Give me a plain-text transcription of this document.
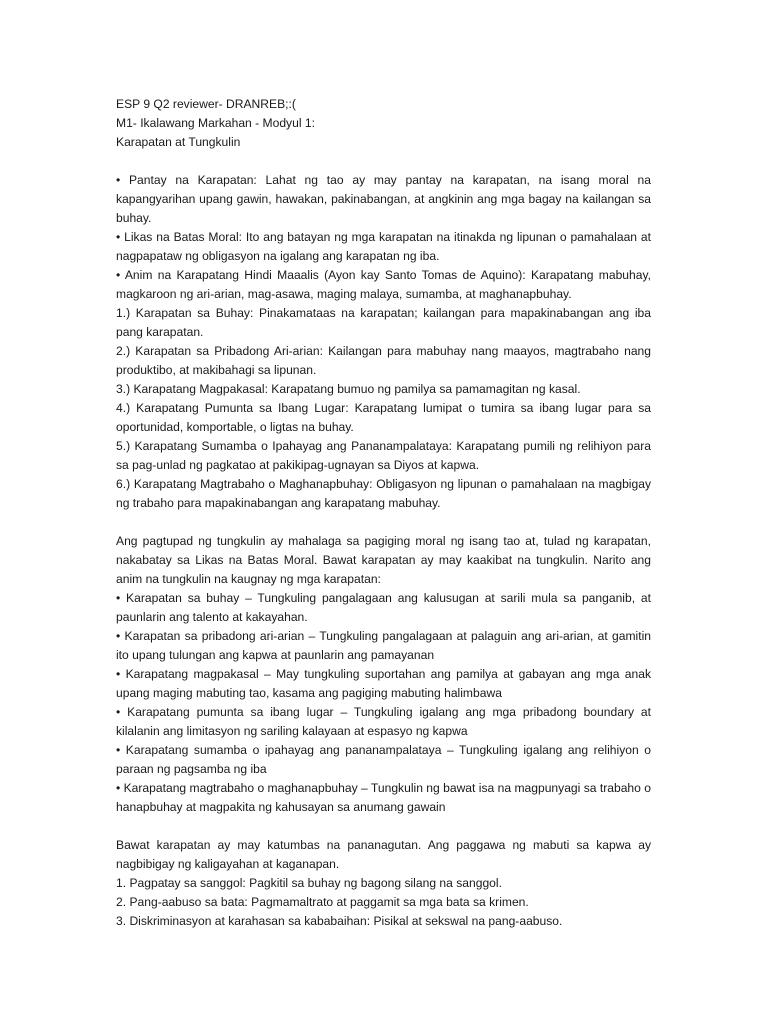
ESP 9 Q2 reviewer- DRANREB;:(

M1- Ikalawang Markahan - Modyul 1:

Karapatan at Tungkulin

• Pantay na Karapatan: Lahat ng tao ay may pantay na karapatan, na isang moral na kapangyarihan upang gawin, hawakan, pakinabangan, at angkinin ang mga bagay na kailangan sa buhay.

• Likas na Batas Moral: Ito ang batayan ng mga karapatan na itinakda ng lipunan o pamahalaan at nagpapataw ng obligasyon na igalang ang karapatan ng iba.

• Anim na Karapatang Hindi Maaalis (Ayon kay Santo Tomas de Aquino): Karapatang mabuhay, magkaroon ng ari-arian, mag-asawa, maging malaya, sumamba, at maghanapbuhay.

1.) Karapatan sa Buhay: Pinakamataas na karapatan; kailangan para mapakinabangan ang iba pang karapatan.

2.) Karapatan sa Pribadong Ari-arian: Kailangan para mabuhay nang maayos, magtrabaho nang produktibo, at makibahagi sa lipunan.

3.) Karapatang Magpakasal: Karapatang bumuo ng pamilya sa pamamagitan ng kasal.

4.) Karapatang Pumunta sa Ibang Lugar: Karapatang lumipat o tumira sa ibang lugar para sa oportunidad, komportable, o ligtas na buhay.

5.) Karapatang Sumamba o Ipahayag ang Pananampalataya: Karapatang pumili ng relihiyon para sa pag-unlad ng pagkatao at pakikipag-ugnayan sa Diyos at kapwa.

6.) Karapatang Magtrabaho o Maghanapbuhay: Obligasyon ng lipunan o pamahalaan na magbigay ng trabaho para mapakinabangan ang karapatang mabuhay.

Ang pagtupad ng tungkulin ay mahalaga sa pagiging moral ng isang tao at, tulad ng karapatan, nakabatay sa Likas na Batas Moral. Bawat karapatan ay may kaakibat na tungkulin. Narito ang anim na tungkulin na kaugnay ng mga karapatan:

• Karapatan sa buhay – Tungkuling pangalagaan ang kalusugan at sarili mula sa panganib, at paunlarin ang talento at kakayahan.

• Karapatan sa pribadong ari-arian – Tungkuling pangalagaan at palaguin ang ari-arian, at gamitin ito upang tulungan ang kapwa at paunlarin ang pamayanan

• Karapatang magpakasal – May tungkuling suportahan ang pamilya at gabayan ang mga anak upang maging mabuting tao, kasama ang pagiging mabuting halimbawa

• Karapatang pumunta sa ibang lugar – Tungkuling igalang ang mga pribadong boundary at kilalanin ang limitasyon ng sariling kalayaan at espasyo ng kapwa

• Karapatang sumamba o ipahayag ang pananampalataya – Tungkuling igalang ang relihiyon o paraan ng pagsamba ng iba

• Karapatang magtrabaho o maghanapbuhay – Tungkulin ng bawat isa na magpunyagi sa trabaho o hanapbuhay at magpakita ng kahusayan sa anumang gawain

Bawat karapatan ay may katumbas na pananagutan. Ang paggawa ng mabuti sa kapwa ay nagbibigay ng kaligayahan at kaganapan.

1. Pagpatay sa sanggol: Pagkitil sa buhay ng bagong silang na sanggol.

2. Pang-aabuso sa bata: Pagmamaltrato at paggamit sa mga bata sa krimen.

3. Diskriminasyon at karahasan sa kababaihan: Pisikal at sekswal na pang-aabuso.
